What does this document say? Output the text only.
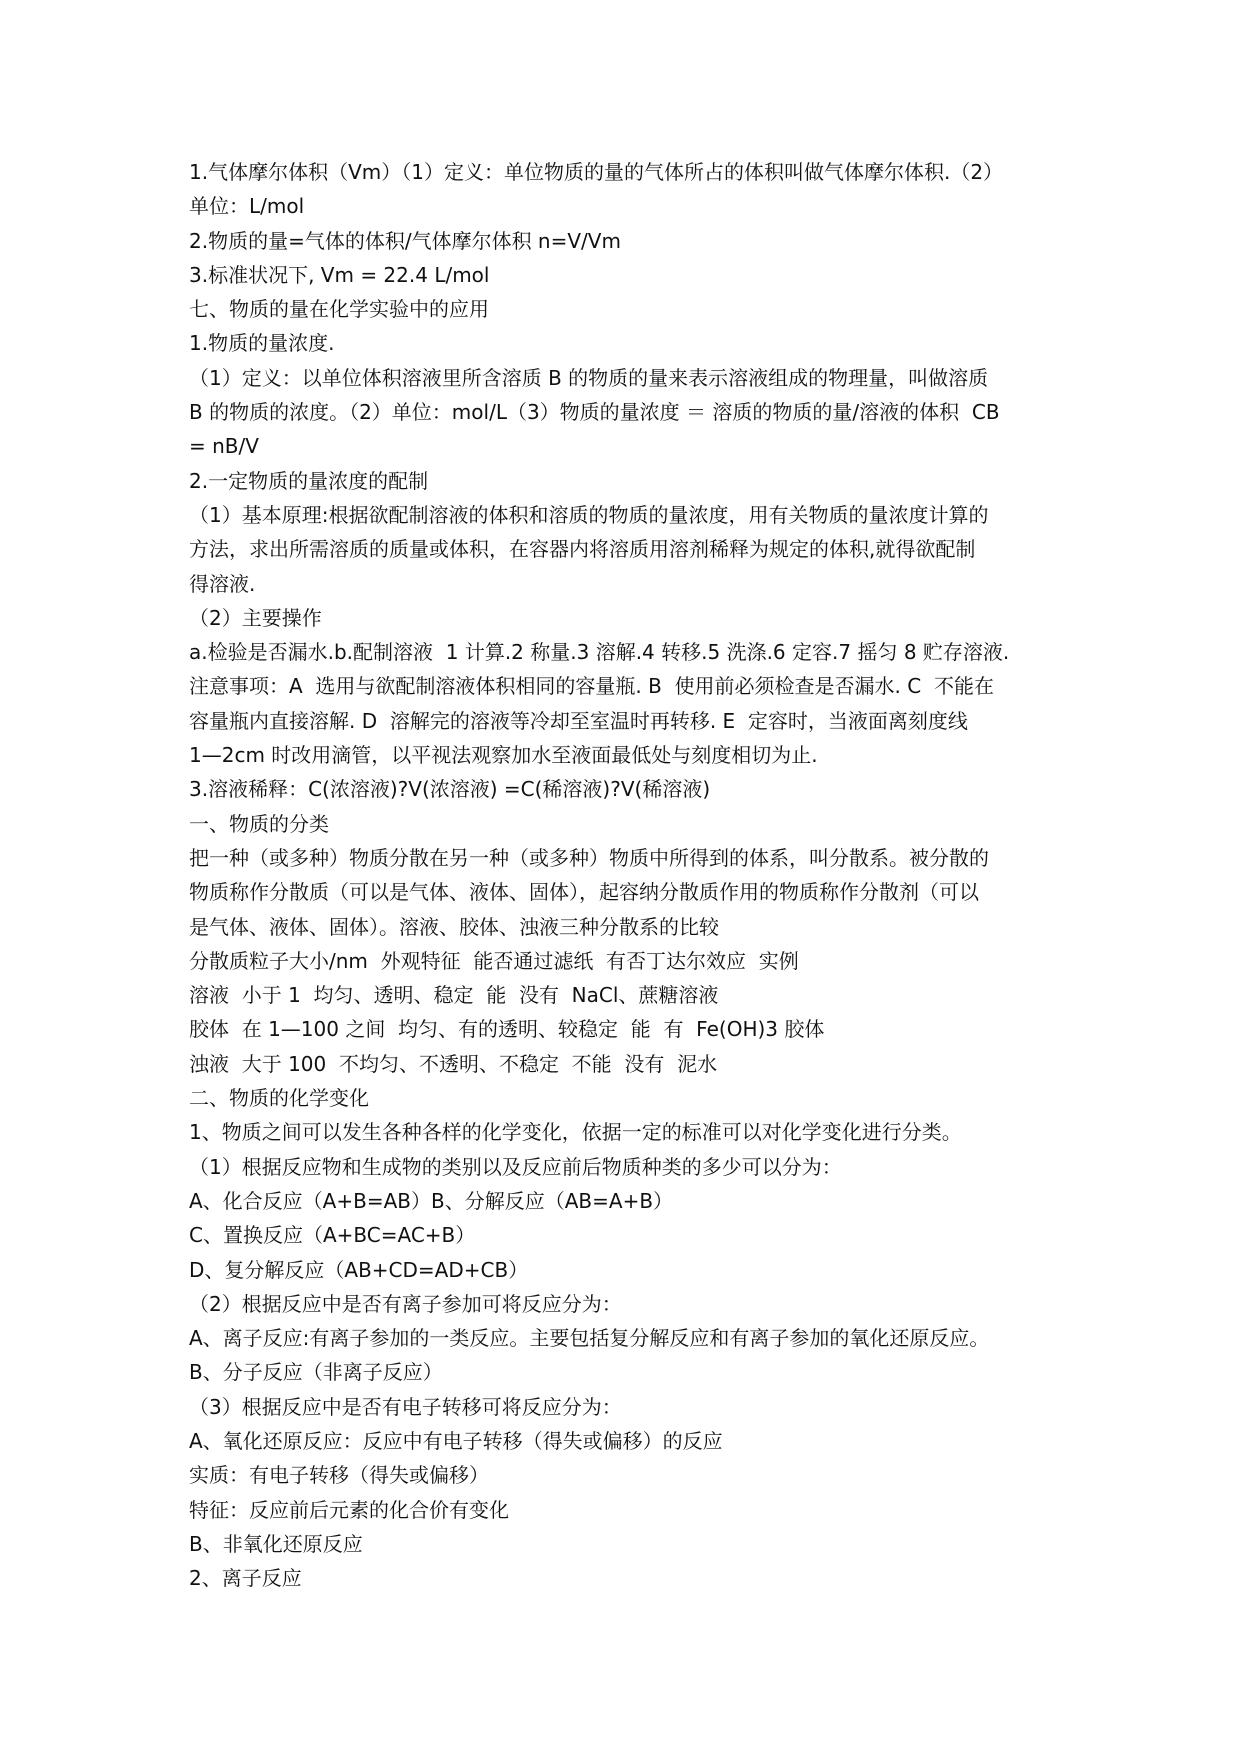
1.气体摩尔体积（Vm）（1）定义：单位物质的量的气体所占的体积叫做气体摩尔体积.（2）
单位：L/mol
2.物质的量=气体的体积/气体摩尔体积 n=V/Vm
3.标准状况下, Vm = 22.4 L/mol
七、物质的量在化学实验中的应用
1.物质的量浓度.
（1）定义：以单位体积溶液里所含溶质 B 的物质的量来表示溶液组成的物理量，叫做溶质
B 的物质的浓度。（2）单位：mol/L（3）物质的量浓度 ＝ 溶质的物质的量/溶液的体积  CB
= nB/V
2.一定物质的量浓度的配制
（1）基本原理:根据欲配制溶液的体积和溶质的物质的量浓度，用有关物质的量浓度计算的
方法，求出所需溶质的质量或体积，在容器内将溶质用溶剂稀释为规定的体积,就得欲配制
得溶液.
（2）主要操作
a.检验是否漏水.b.配制溶液  1 计算.2 称量.3 溶解.4 转移.5 洗涤.6 定容.7 摇匀 8 贮存溶液.
注意事项：A  选用与欲配制溶液体积相同的容量瓶. B  使用前必须检查是否漏水. C  不能在
容量瓶内直接溶解. D  溶解完的溶液等冷却至室温时再转移. E  定容时，当液面离刻度线
1—2cm 时改用滴管，以平视法观察加水至液面最低处与刻度相切为止.
3.溶液稀释：C(浓溶液)?V(浓溶液) =C(稀溶液)?V(稀溶液)
一、物质的分类
把一种（或多种）物质分散在另一种（或多种）物质中所得到的体系，叫分散系。被分散的
物质称作分散质（可以是气体、液体、固体），起容纳分散质作用的物质称作分散剂（可以
是气体、液体、固体）。溶液、胶体、浊液三种分散系的比较
分散质粒子大小/nm  外观特征  能否通过滤纸  有否丁达尔效应  实例
溶液  小于 1  均匀、透明、稳定  能  没有  NaCl、蔗糖溶液
胶体  在 1—100 之间  均匀、有的透明、较稳定  能  有  Fe(OH)3 胶体
浊液  大于 100  不均匀、不透明、不稳定  不能  没有  泥水
二、物质的化学变化
1、物质之间可以发生各种各样的化学变化，依据一定的标准可以对化学变化进行分类。
（1）根据反应物和生成物的类别以及反应前后物质种类的多少可以分为：
A、化合反应（A+B=AB）B、分解反应（AB=A+B）
C、置换反应（A+BC=AC+B）
D、复分解反应（AB+CD=AD+CB）
（2）根据反应中是否有离子参加可将反应分为：
A、离子反应:有离子参加的一类反应。主要包括复分解反应和有离子参加的氧化还原反应。
B、分子反应（非离子反应）
（3）根据反应中是否有电子转移可将反应分为：
A、氧化还原反应：反应中有电子转移（得失或偏移）的反应
实质：有电子转移（得失或偏移）
特征：反应前后元素的化合价有变化
B、非氧化还原反应
2、离子反应
